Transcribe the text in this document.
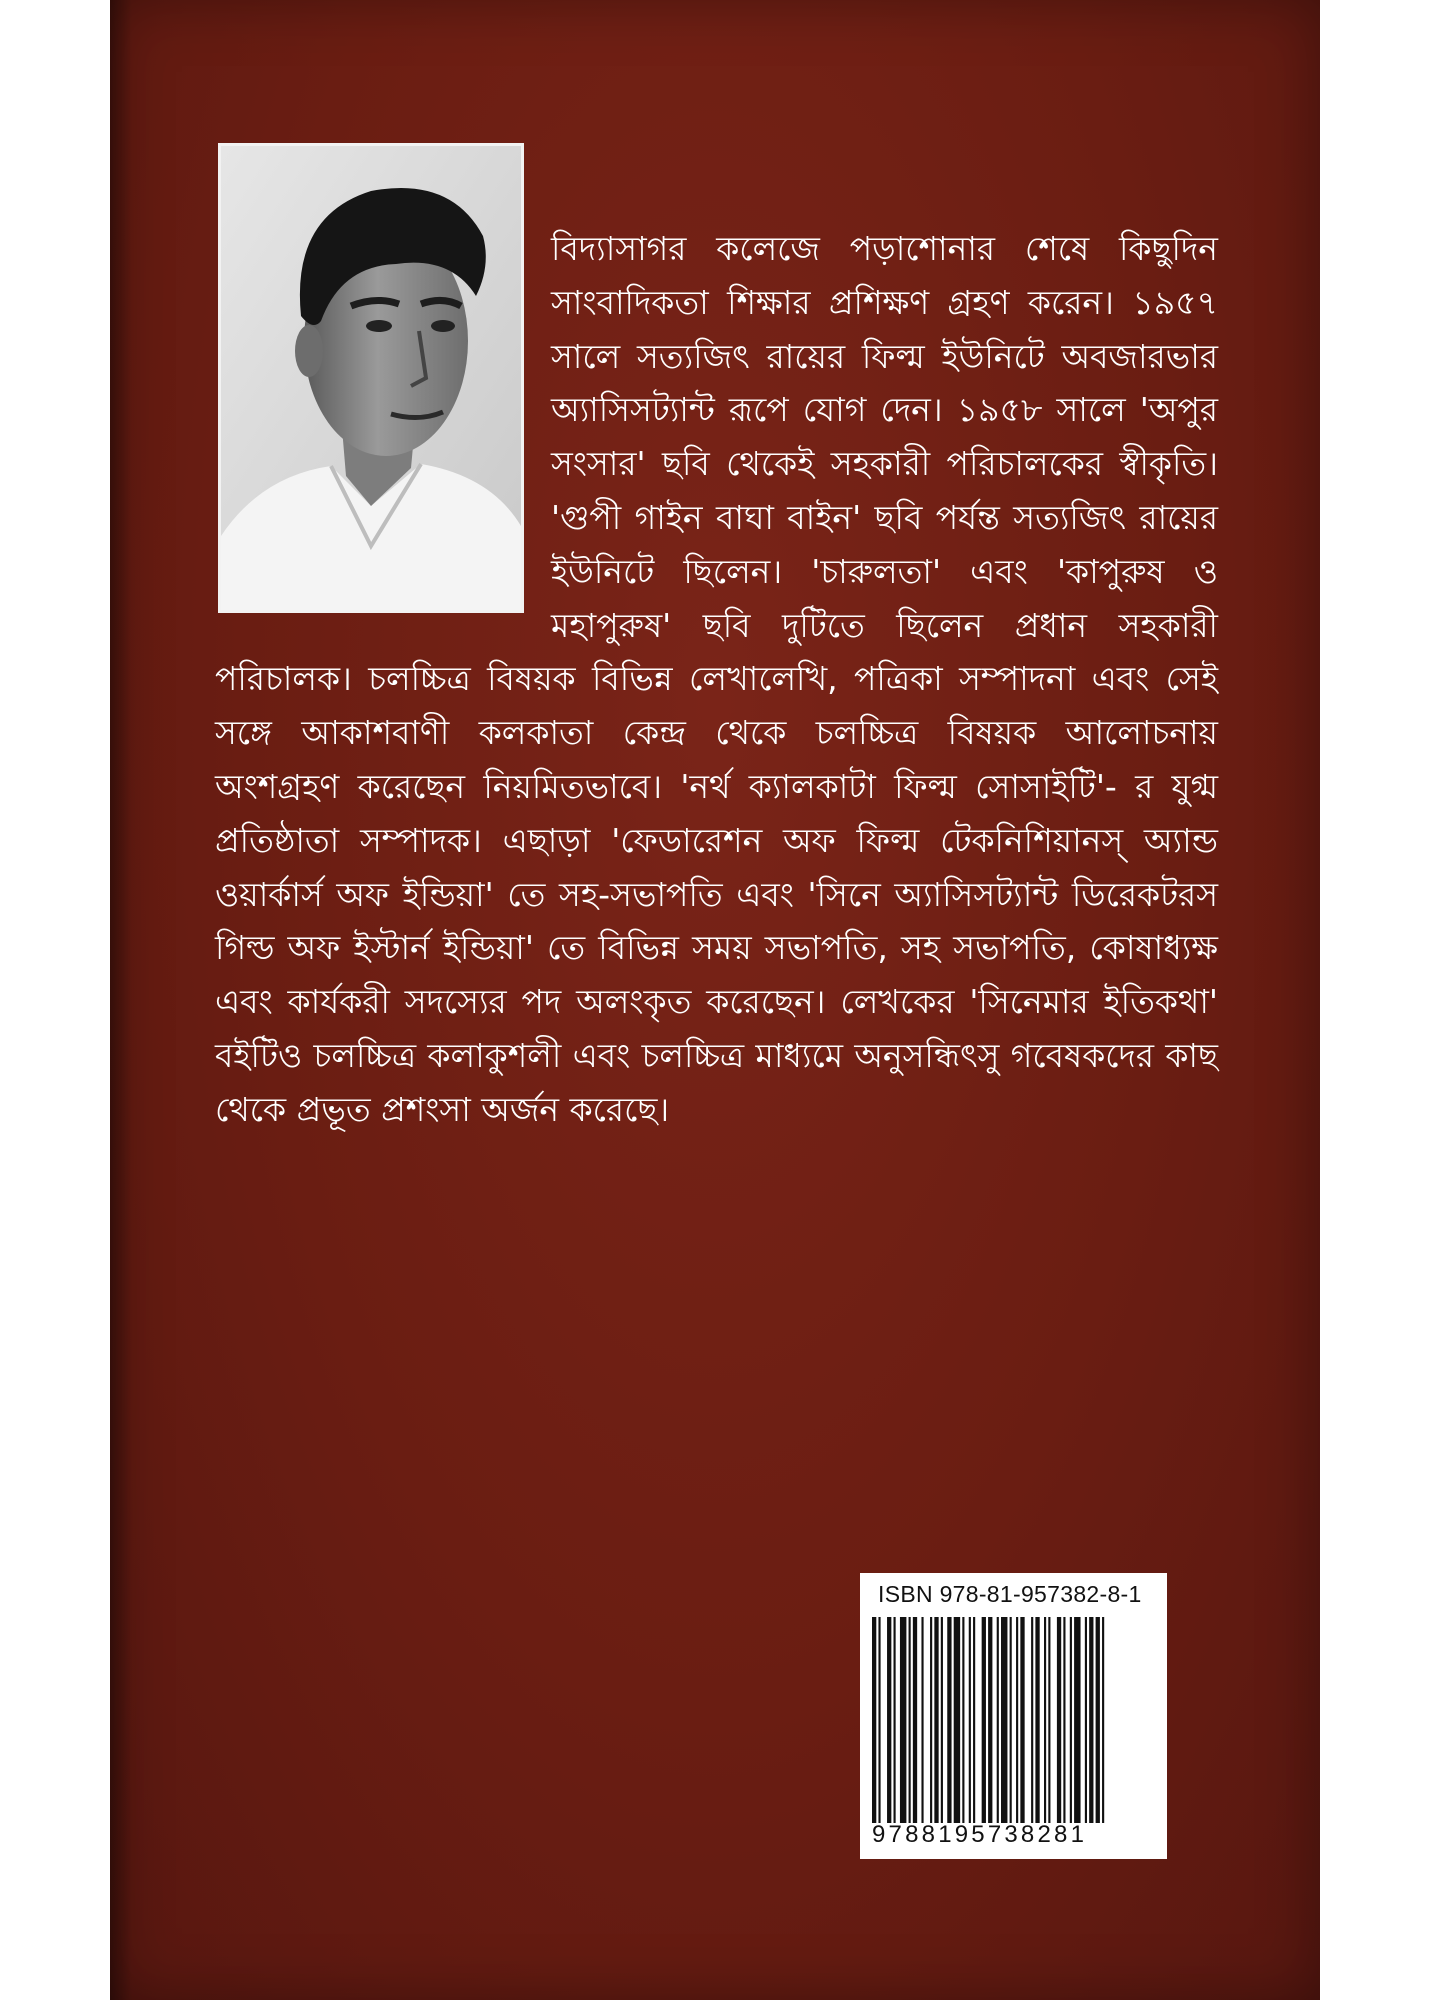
বিদ্যাসাগর কলেজে পড়াশোনার শেষে কিছুদিন সাংবাদিকতা শিক্ষার প্রশিক্ষণ গ্রহণ করেন। ১৯৫৭ সালে সত্যজিৎ রায়ের ফিল্ম ইউনিটে অবজারভার অ্যাসিসট্যান্ট রূপে যোগ দেন। ১৯৫৮ সালে 'অপুর সংসার' ছবি থেকেই সহকারী পরিচালকের স্বীকৃতি। 'গুপী গাইন বাঘা বাইন' ছবি পর্যন্ত সত্যজিৎ রায়ের ইউনিটে ছিলেন। 'চারুলতা' এবং 'কাপুরুষ ও মহাপুরুষ' ছবি দুটিতে ছিলেন প্রধান সহকারী পরিচালক। চলচ্চিত্র বিষয়ক বিভিন্ন লেখালেখি, পত্রিকা সম্পাদনা এবং সেই সঙ্গে আকাশবাণী কলকাতা কেন্দ্র থেকে চলচ্চিত্র বিষয়ক আলোচনায় অংশগ্রহণ করেছেন নিয়মিতভাবে। 'নর্থ ক্যালকাটা ফিল্ম সোসাইটি'- র যুগ্ম প্রতিষ্ঠাতা সম্পাদক। এছাড়া 'ফেডারেশন অফ ফিল্ম টেকনিশিয়ানস্ অ্যান্ড ওয়ার্কার্স অফ ইন্ডিয়া' তে সহ-সভাপতি এবং 'সিনে অ্যাসিসট্যান্ট ডিরেকটরস গিল্ড অফ ইস্টার্ন ইন্ডিয়া' তে বিভিন্ন সময় সভাপতি, সহ সভাপতি, কোষাধ্যক্ষ এবং কার্যকরী সদস্যের পদ অলংকৃত করেছেন। লেখকের 'সিনেমার ইতিকথা' বইটিও চলচ্চিত্র কলাকুশলী এবং চলচ্চিত্র মাধ্যমে অনুসন্ধিৎসু গবেষকদের কাছ থেকে প্রভূত প্রশংসা অর্জন করেছে।

ISBN 978-81-957382-8-1
9788195738281
